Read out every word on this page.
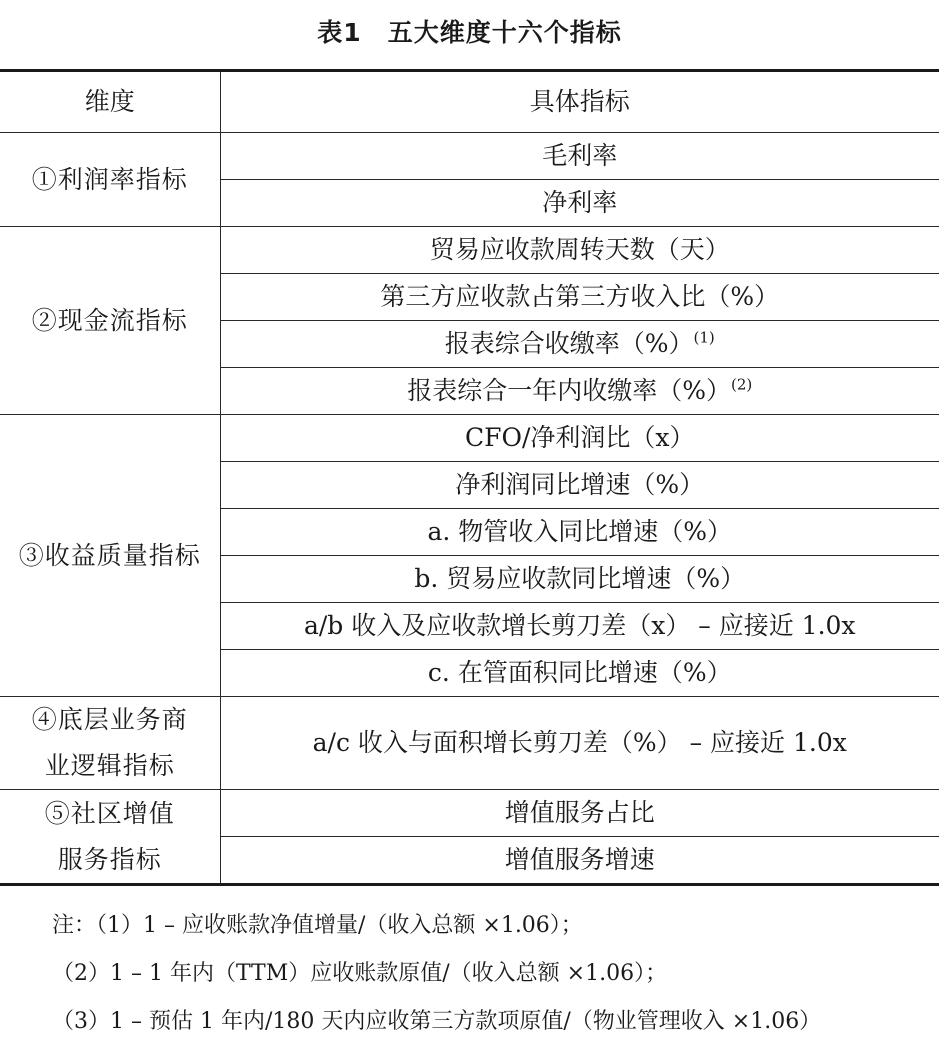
表1 五大维度十六个指标
维度	具体指标
①利润率指标	毛利率
	净利率
②现金流指标	贸易应收款周转天数（天）
	第三方应收款占第三方收入比（%）
	报表综合收缴率（%）$^{(1)}$
	报表综合一年内收缴率（%）$^{(2)}$
③收益质量指标	CFO/净利润比（x）
	净利润同比增速（%）
	a. 物管收入同比增速（%）
	b. 贸易应收款同比增速（%）
	a/b 收入及应收款增长剪刀差（x） – 应接近 1.0x
	c. 在管面积同比增速（%）

④底层业务商
业逻辑指标	a/c 收入与面积增长剪刀差（%） – 应接近 1.0x

⑤社区增值
服务指标	增值服务占比
	增值服务增速
注：（1）1 – 应收账款净值增量/（收入总额 ×1.06）；
（2）1 – 1 年内（TTM）应收账款原值/（收入总额 ×1.06）；
（3）1 – 预估 1 年内/180 天内应收第三方款项原值/（物业管理收入 ×1.06）
